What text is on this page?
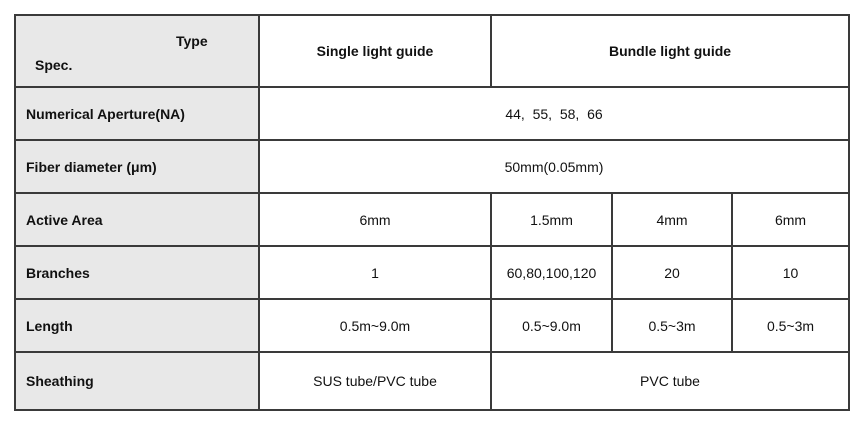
Type
Spec.	Single light guide	Bundle light guide		
Numerical Aperture(NA)	44,  55,  58,  66			
Fiber diameter (μm)	50mm(0.05mm)			
Active Area	6mm	1.5mm	4mm	6mm
Branches	1	60,80,100,120	20	10
Length	0.5m~9.0m	0.5~9.0m	0.5~3m	0.5~3m
Sheathing	SUS tube/PVC tube	PVC tube		
